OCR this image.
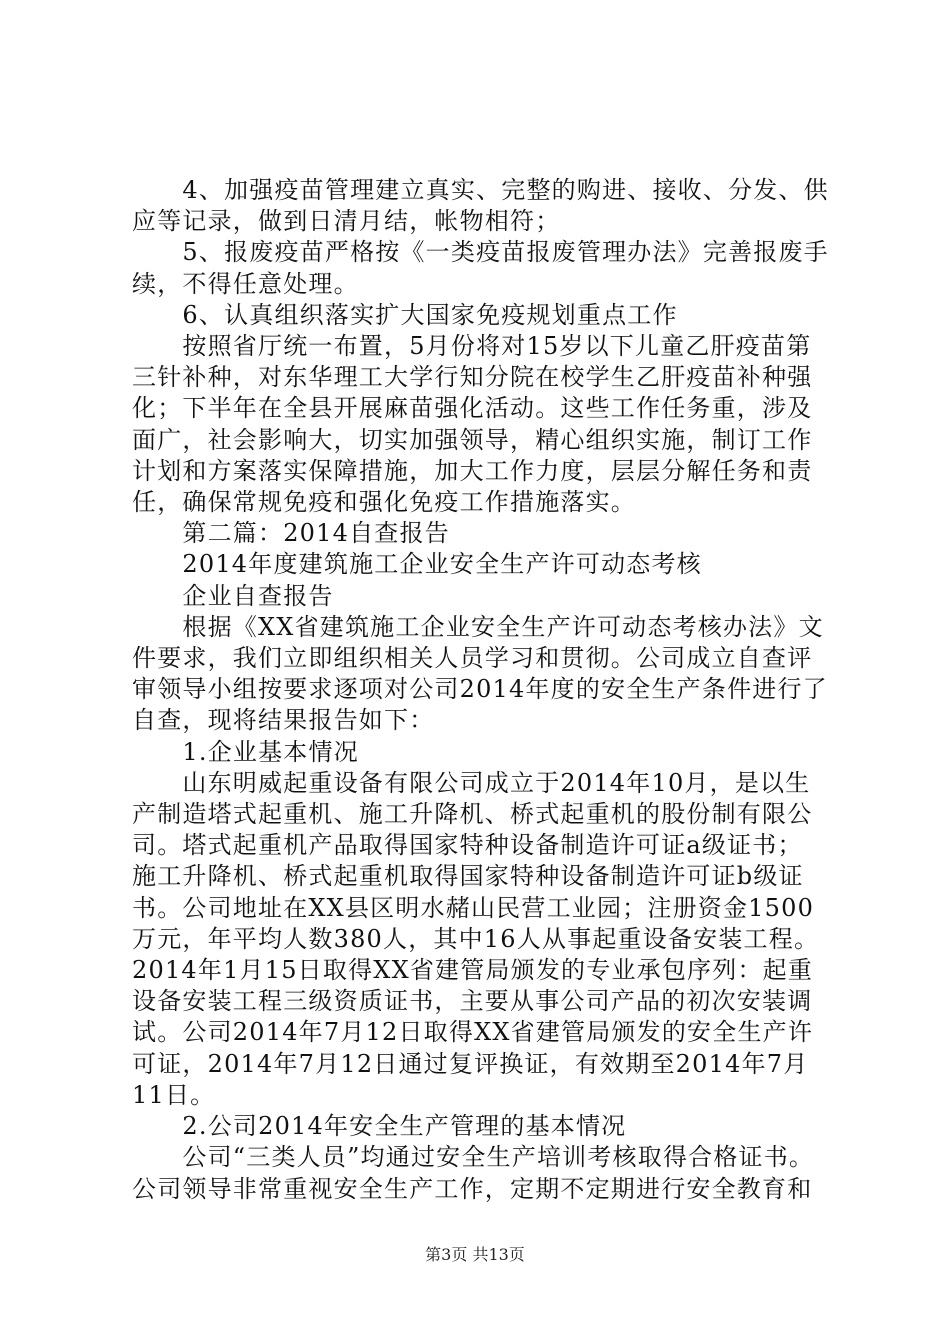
　　4、加强疫苗管理建立真实、完整的购进、接收、分发、供
应等记录，做到日清月结，帐物相符；
　　5、报废疫苗严格按《一类疫苗报废管理办法》完善报废手
续，不得任意处理。
　　6、认真组织落实扩大国家免疫规划重点工作
　　按照省厅统一布置，5月份将对15岁以下儿童乙肝疫苗第
三针补种，对东华理工大学行知分院在校学生乙肝疫苗补种强
化；下半年在全县开展麻苗强化活动。这些工作任务重，涉及
面广，社会影响大，切实加强领导，精心组织实施，制订工作
计划和方案落实保障措施，加大工作力度，层层分解任务和责
任，确保常规免疫和强化免疫工作措施落实。
　　第二篇：2014自查报告
　　2014年度建筑施工企业安全生产许可动态考核
　　企业自查报告
　　根据《XX省建筑施工企业安全生产许可动态考核办法》文
件要求，我们立即组织相关人员学习和贯彻。公司成立自查评
审领导小组按要求逐项对公司2014年度的安全生产条件进行了
自查，现将结果报告如下：
　　1.企业基本情况
　　山东明威起重设备有限公司成立于2014年10月，是以生
产制造塔式起重机、施工升降机、桥式起重机的股份制有限公
司。塔式起重机产品取得国家特种设备制造许可证a级证书；
施工升降机、桥式起重机取得国家特种设备制造许可证b级证
书。公司地址在XX县区明水赭山民营工业园；注册资金1500
万元，年平均人数380人，其中16人从事起重设备安装工程。
2014年1月15日取得XX省建管局颁发的专业承包序列：起重
设备安装工程三级资质证书，主要从事公司产品的初次安装调
试。公司2014年7月12日取得XX省建管局颁发的安全生产许
可证，2014年7月12日通过复评换证，有效期至2014年7月
11日。
　　2.公司2014年安全生产管理的基本情况
　　公司“三类人员”均通过安全生产培训考核取得合格证书。
公司领导非常重视安全生产工作，定期不定期进行安全教育和
第3页 共13页
